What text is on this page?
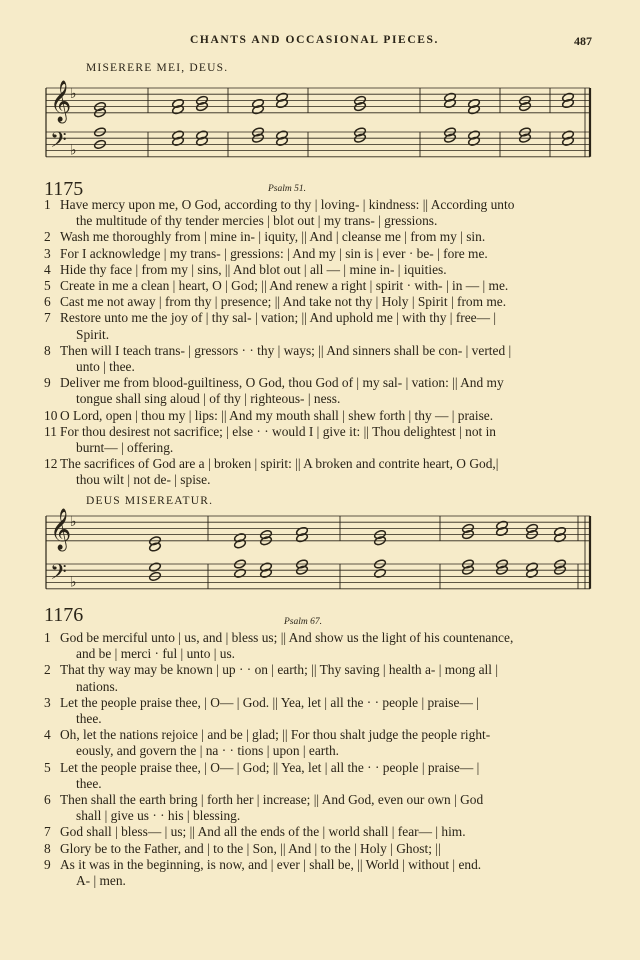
CHANTS AND OCCASIONAL PIECES.	487
MISERERE MEI, DEUS.
𝄞
♭
𝄢 ♭
1175	Psalm 51.
1 Have mercy upon me, O God, according to thy | loving- | kindness: || According unto
the multitude of thy tender mercies | blot out | my trans- | gressions.
2 Wash me thoroughly from | mine in- | iquity, || And | cleanse me | from my | sin.
3 For I acknowledge | my trans- | gressions: | And my | sin is | ever · be- | fore me.
4 Hide thy face | from my | sins, || And blot out | all — | mine in- | iquities.
5 Create in me a clean | heart, O | God; || And renew a right | spirit · with- | in — | me.
6 Cast me not away | from thy | presence; || And take not thy | Holy | Spirit | from me.
7 Restore unto me the joy of | thy sal- | vation; || And uphold me | with thy | free— |
Spirit.
8 Then will I teach trans- | gressors · · thy | ways; || And sinners shall be con- | verted |
unto | thee.
9 Deliver me from blood-guiltiness, O God, thou God of | my sal- | vation: || And my
tongue shall sing aloud | of thy | righteous- | ness.
10 O Lord, open | thou my | lips: || And my mouth shall | shew forth | thy — | praise.
11 For thou desirest not sacrifice; | else · · would I | give it: || Thou delightest | not in
burnt— | offering.
12 The sacrifices of God are a | broken | spirit: || A broken and contrite heart, O God,|
thou wilt | not de- | spise.
DEUS MISEREATUR.
𝄞
♭
𝄢 ♭
1176	Psalm 67.
1 God be merciful unto | us, and | bless us; || And show us the light of his countenance,
and be | merci · ful | unto | us.
2 That thy way may be known | up · · on | earth; || Thy saving | health a- | mong all |
nations.
3 Let the people praise thee, | O— | God. || Yea, let | all the · · people | praise— |
thee.
4 Oh, let the nations rejoice | and be | glad; || For thou shalt judge the people right-
eously, and govern the | na · · tions | upon | earth.
5 Let the people praise thee, | O— | God; || Yea, let | all the · · people | praise— |
thee.
6 Then shall the earth bring | forth her | increase; || And God, even our own | God
shall | give us · · his | blessing.
7 God shall | bless— | us; || And all the ends of the | world shall | fear— | him.
8 Glory be to the Father, and | to the | Son, || And | to the | Holy | Ghost; ||
9 As it was in the beginning, is now, and | ever | shall be, || World | without | end.
A- | men.
